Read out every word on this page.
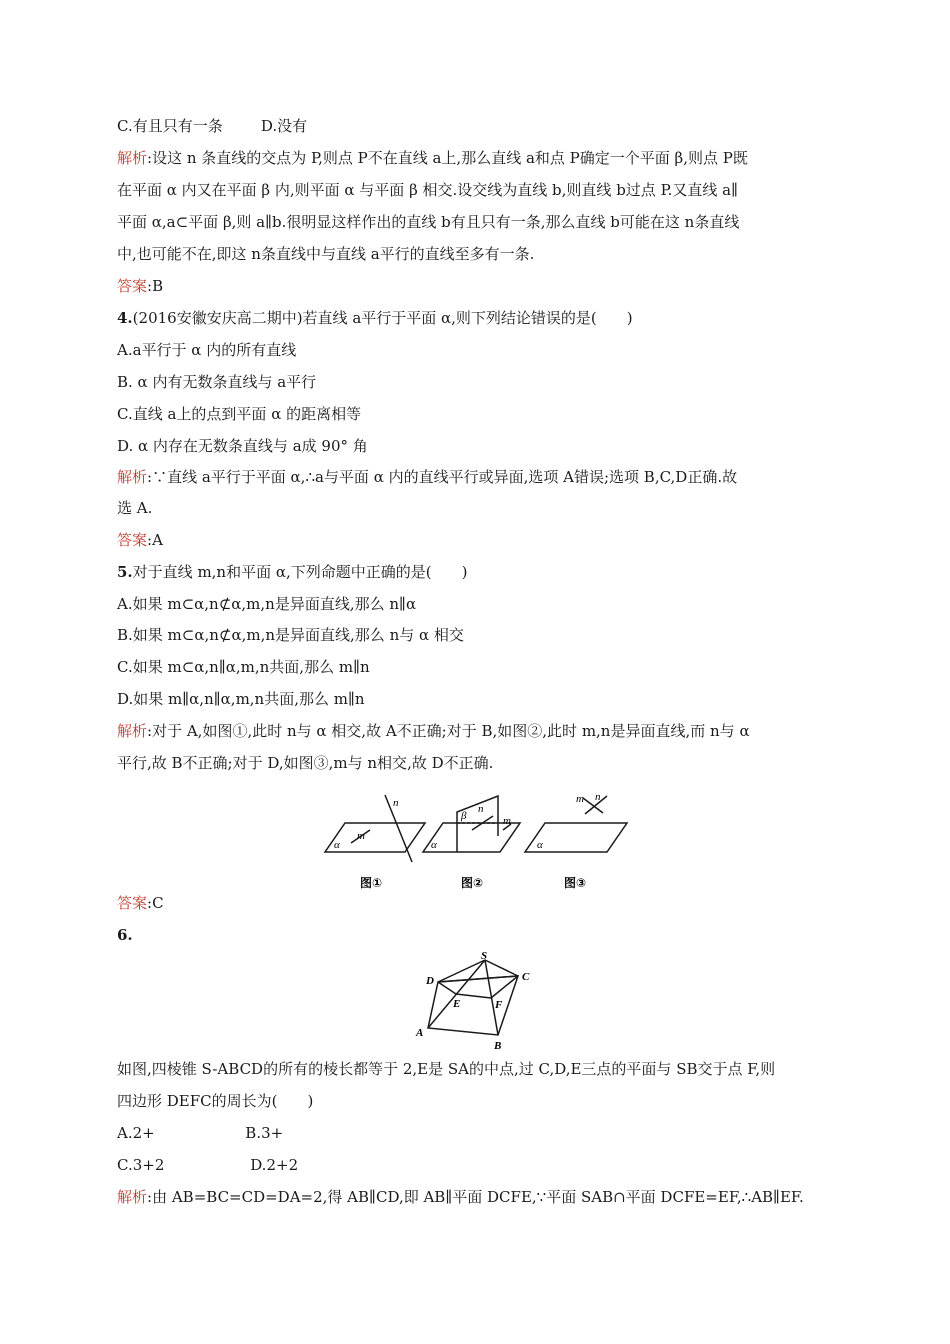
C.有且只有一条        D.没有
解析:设这 n 条直线的交点为 P,则点 P不在直线 a上,那么直线 a和点 P确定一个平面 β,则点 P既
在平面 α 内又在平面 β 内,则平面 α 与平面 β 相交.设交线为直线 b,则直线 b过点 P.又直线 a∥
平面 α,a⊂平面 β,则 a∥b.很明显这样作出的直线 b有且只有一条,那么直线 b可能在这 n条直线
中,也可能不在,即这 n条直线中与直线 a平行的直线至多有一条.
答案:B
4.(2016安徽安庆高二期中)若直线 a平行于平面 α,则下列结论错误的是(　　)
A.a平行于 α 内的所有直线
B. α 内有无数条直线与 a平行
C.直线 a上的点到平面 α 的距离相等
D. α 内存在无数条直线与 a成 90° 角
解析:∵直线 a平行于平面 α,∴a与平面 α 内的直线平行或异面,选项 A错误;选项 B,C,D正确.故
选 A.
答案:A
5.对于直线 m,n和平面 α,下列命题中正确的是(　　)
A.如果 m⊂α,n⊄α,m,n是异面直线,那么 n∥α
B.如果 m⊂α,n⊄α,m,n是异面直线,那么 n与 α 相交
C.如果 m⊂α,n∥α,m,n共面,那么 m∥n
D.如果 m∥α,n∥α,m,n共面,那么 m∥n
解析:对于 A,如图①,此时 n与 α 相交,故 A不正确;对于 B,如图②,此时 m,n是异面直线,而 n与 α
平行,故 B不正确;对于 D,如图③,m与 n相交,故 D不正确.
n
m
α
图①
n
β	m
α
图②
m n
α
图③
答案:C
6.
S
D	C
E	F
A
B
如图,四棱锥 S-ABCD的所有的棱长都等于 2,E是 SA的中点,过 C,D,E三点的平面与 SB交于点 F,则
四边形 DEFC的周长为(　　)
A.2+                   B.3+
C.3+2                  D.2+2
解析:由 AB=BC=CD=DA=2,得 AB∥CD,即 AB∥平面 DCFE,∵平面 SAB∩平面 DCFE=EF,∴AB∥EF.
